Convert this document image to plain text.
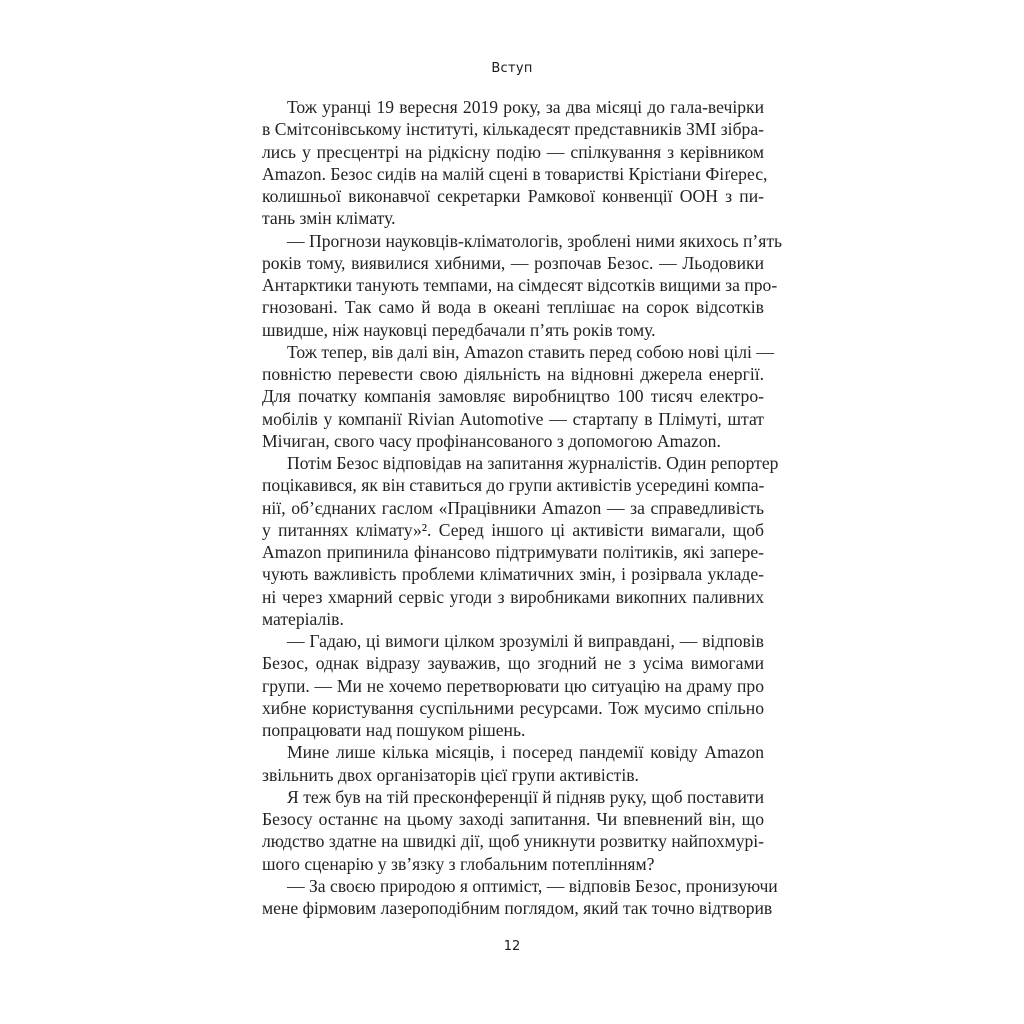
Вступ
Тож уранці 19 вересня 2019 року, за два місяці до гала-вечірки
в Смітсонівському інституті, кількадесят представників ЗМІ зібра-
лись у пресцентрі на рідкісну подію — спілкування з керівником
Amazon. Безос сидів на малій сцені в товаристві Крістіани Фіґерес,
колишньої виконавчої секретарки Рамкової конвенції ООН з пи-
тань змін клімату.
— Прогнози науковців-кліматологів, зроблені ними якихось п’ять
років тому, виявилися хибними, — розпочав Безос. — Льодовики
Антарктики танують темпами, на сімдесят відсотків вищими за про-
гнозовані. Так само й вода в океані теплішає на сорок відсотків
швидше, ніж науковці передбачали п’ять років тому.
Тож тепер, вів далі він, Amazon ставить перед собою нові цілі —
повністю перевести свою діяльність на відновні джерела енергії.
Для початку компанія замовляє виробництво 100 тисяч електро-
мобілів у компанії Rivian Automotive — стартапу в Плімуті, штат
Мічиган, свого часу профінансованого з допомогою Amazon.
Потім Безос відповідав на запитання журналістів. Один репортер
поцікавився, як він ставиться до групи активістів усередині компа-
нії, об’єднаних гаслом «Працівники Amazon — за справедливість
у питаннях клімату»². Серед іншого ці активісти вимагали, щоб
Amazon припинила фінансово підтримувати політиків, які запере-
чують важливість проблеми кліматичних змін, і розірвала укладе-
ні через хмарний сервіс угоди з виробниками викопних паливних
матеріалів.
— Гадаю, ці вимоги цілком зрозумілі й виправдані, — відповів
Безос, однак відразу зауважив, що згодний не з усіма вимогами
групи. — Ми не хочемо перетворювати цю ситуацію на драму про
хибне користування суспільними ресурсами. Тож мусимо спільно
попрацювати над пошуком рішень.
Мине лише кілька місяців, і посеред пандемії ковіду Amazon
звільнить двох організаторів цієї групи активістів.
Я теж був на тій пресконференції й підняв руку, щоб поставити
Безосу останнє на цьому заході запитання. Чи впевнений він, що
людство здатне на швидкі дії, щоб уникнути розвитку найпохмурі-
шого сценарію у зв’язку з глобальним потеплінням?
— За своєю природою я оптиміст, — відповів Безос, пронизуючи
мене фірмовим лазероподібним поглядом, який так точно відтворив
12
